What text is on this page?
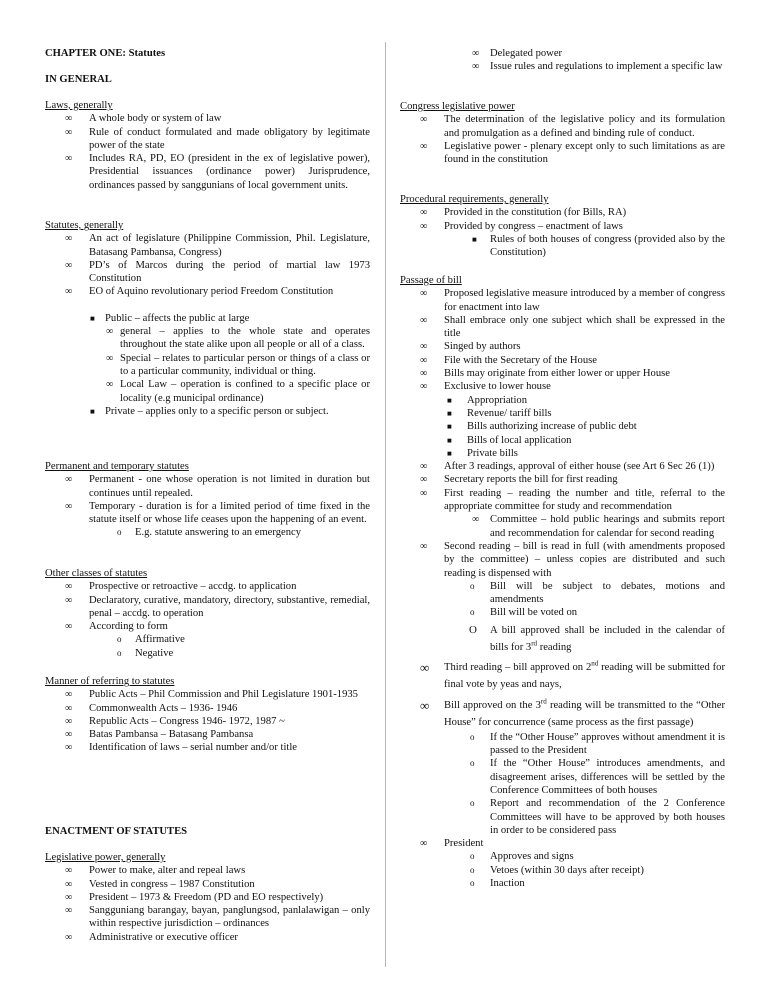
CHAPTER ONE: Statutes
IN GENERAL
Laws, generally
∞ A whole body or system of law
∞ Rule of conduct formulated and made obligatory by legitimate power of the state
∞ Includes RA, PD, EO (president in the ex of legislative power), Presidential issuances (ordinance power) Jurisprudence, ordinances passed by sanggunians of local government units.
Statutes, generally
∞ An act of legislature (Philippine Commission, Phil. Legislature, Batasang Pambansa, Congress)
∞ PD’s of Marcos during the period of martial law 1973 Constitution
∞ EO of Aquino revolutionary period Freedom Constitution
■ Public – affects the public at large
∞ general – applies to the whole state and operates throughout the state alike upon all people or all of a class.
∞ Special – relates to particular person or things of a class or to a particular community, individual or thing.
∞ Local Law – operation is confined to a specific place or locality (e.g municipal ordinance)
■ Private – applies only to a specific person or subject.
Permanent and temporary statutes
∞ Permanent - one whose operation is not limited in duration but continues until repealed.
∞ Temporary - duration is for a limited period of time fixed in the statute itself or whose life ceases upon the happening of an event.
o E.g. statute answering to an emergency
Other classes of statutes
∞ Prospective or retroactive – accdg. to application
∞ Declaratory, curative, mandatory, directory, substantive, remedial, penal – accdg. to operation
∞ According to form
o Affirmative
o Negative
Manner of referring to statutes
∞ Public Acts – Phil Commission and Phil Legislature 1901-1935
∞ Commonwealth Acts – 1936- 1946
∞ Republic Acts – Congress 1946- 1972, 1987 ~
∞ Batas Pambansa – Batasang Pambansa
∞ Identification of laws – serial number and/or title
ENACTMENT OF STATUTES
Legislative power, generally
∞ Power to make, alter and repeal laws
∞ Vested in congress – 1987 Constitution
∞ President – 1973 & Freedom (PD and EO respectively)
∞ Sangguniang barangay, bayan, panglungsod, panlalawigan – only within respective jurisdiction – ordinances
∞ Administrative or executive officer
∞ Delegated power
∞ Issue rules and regulations to implement a specific law
Congress legislative power
∞ The determination of the legislative policy and its formulation and promulgation as a defined and binding rule of conduct.
∞ Legislative power - plenary except only to such limitations as are found in the constitution
Procedural requirements, generally
∞ Provided in the constitution (for Bills, RA)
∞ Provided by congress – enactment of laws
■ Rules of both houses of congress (provided also by the Constitution)
Passage of bill
∞ Proposed legislative measure introduced by a member of congress for enactment into law
∞ Shall embrace only one subject which shall be expressed in the title
∞ Singed by authors
∞ File with the Secretary of the House
∞ Bills may originate from either lower or upper House
∞ Exclusive to lower house
■ Appropriation
■ Revenue/ tariff bills
■ Bills authorizing increase of public debt
■ Bills of local application
■ Private bills
∞ After 3 readings, approval of either house (see Art 6 Sec 26 (1))
∞ Secretary reports the bill for first reading
∞ First reading – reading the number and title, referral to the appropriate committee for study and recommendation
∞ Committee – hold public hearings and submits report and recommendation for calendar for second reading
∞ Second reading – bill is read in full (with amendments proposed by the committee) – unless copies are distributed and such reading is dispensed with
o Bill will be subject to debates, motions and amendments
o Bill will be voted on
O A bill approved shall be included in the calendar of bills for 3rd reading
∞ Third reading – bill approved on 2nd reading will be submitted for final vote by yeas and nays,
∞ Bill approved on the 3rd reading will be transmitted to the “Other House” for concurrence (same process as the first passage)
o If the “Other House” approves without amendment it is passed to the President
o If the “Other House” introduces amendments, and disagreement arises, differences will be settled by the Conference Committees of both houses
o Report and recommendation of the 2 Conference Committees will have to be approved by both houses in order to be considered pass
∞ President
o Approves and signs
o Vetoes (within 30 days after receipt)
o Inaction
